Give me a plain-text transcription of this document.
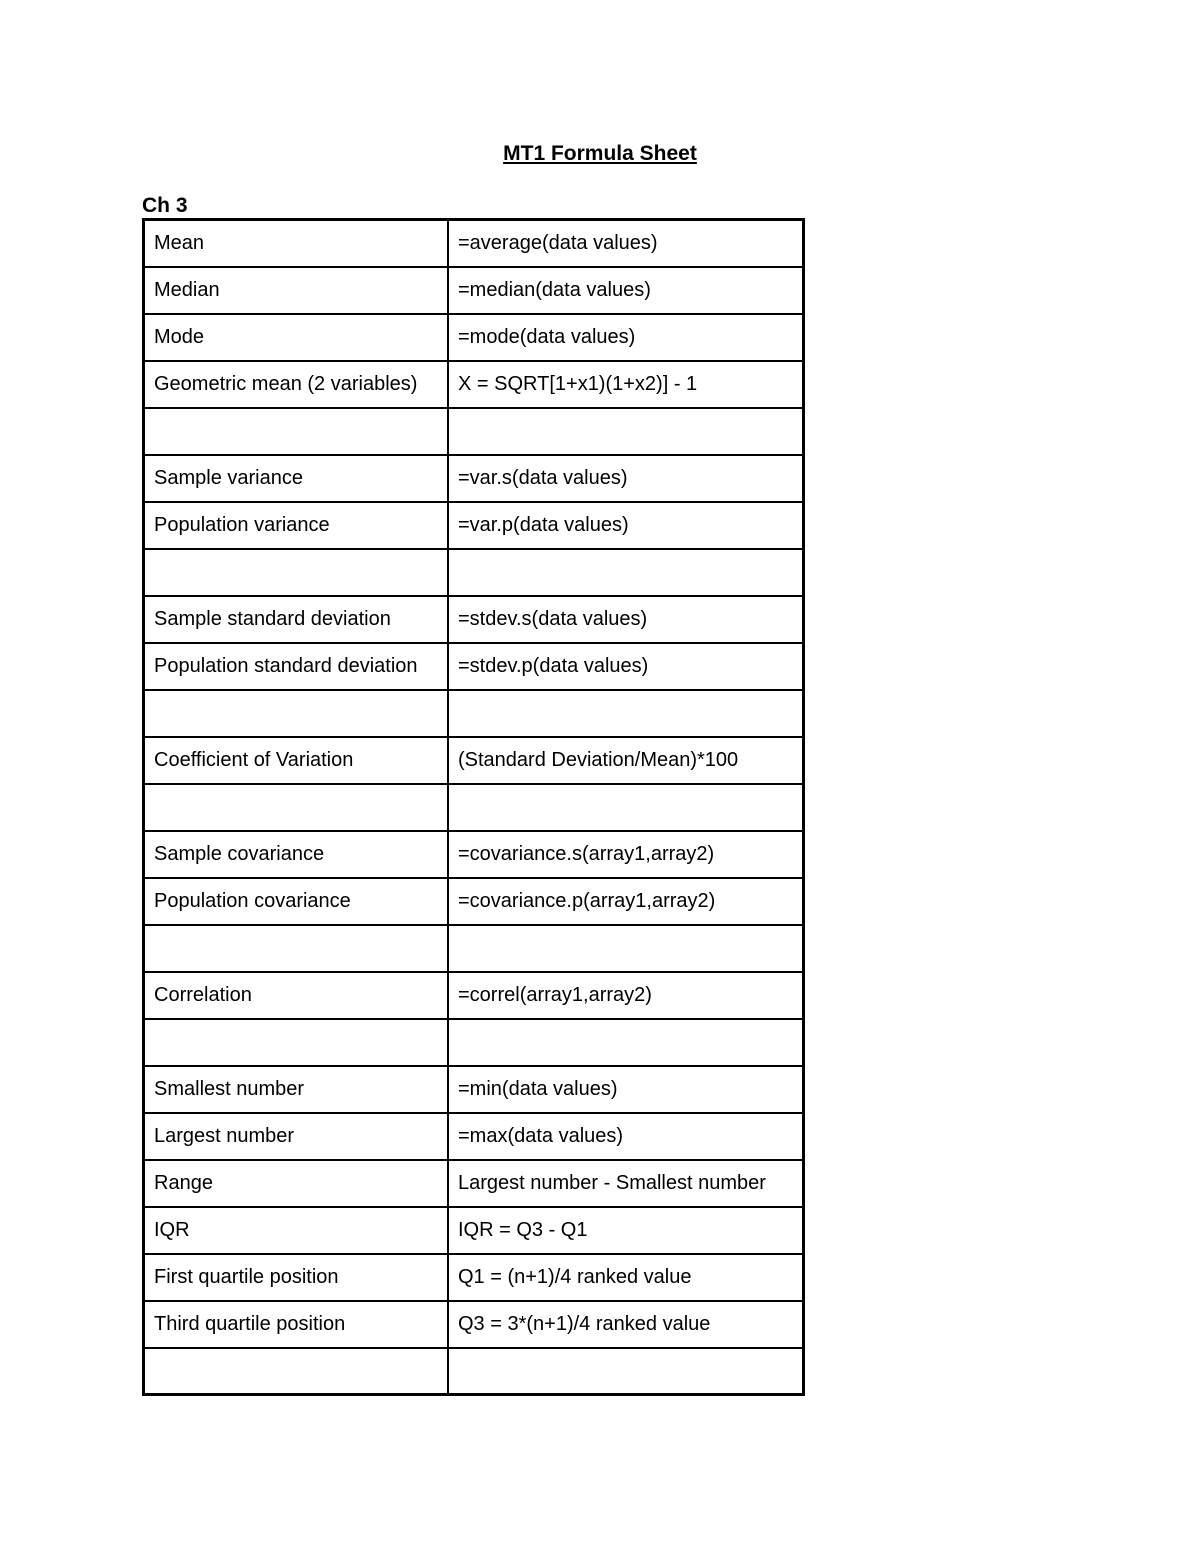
MT1 Formula Sheet
Ch 3
Mean	=average(data values)
Median	=median(data values)
Mode	=mode(data values)
Geometric mean (2 variables)	X = SQRT[1+x1)(1+x2)] - 1

Sample variance	=var.s(data values)
Population variance	=var.p(data values)

Sample standard deviation	=stdev.s(data values)
Population standard deviation	=stdev.p(data values)

Coefficient of Variation	(Standard Deviation/Mean)*100

Sample covariance	=covariance.s(array1,array2)
Population covariance	=covariance.p(array1,array2)

Correlation	=correl(array1,array2)

Smallest number	=min(data values)
Largest number	=max(data values)
Range	Largest number - Smallest number
IQR	IQR = Q3 - Q1
First quartile position	Q1 = (n+1)/4 ranked value
Third quartile position	Q3 = 3*(n+1)/4 ranked value
